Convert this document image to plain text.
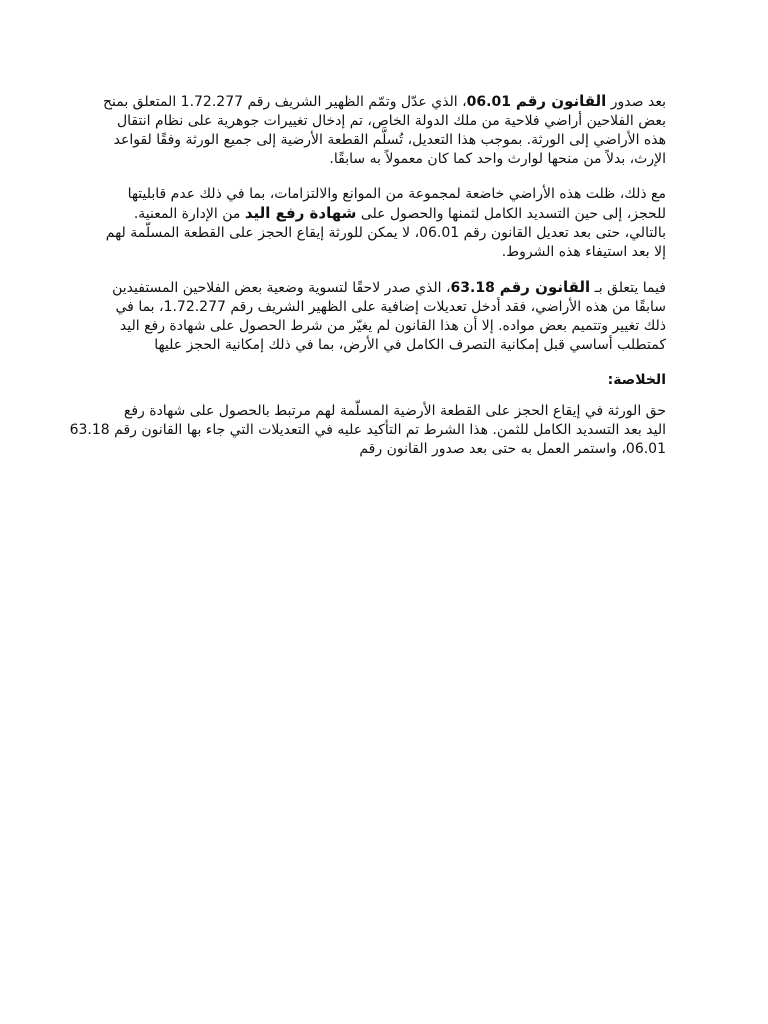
بعد صدور القانون رقم 06.01، الذي عدّل وتمّم الظهير الشريف رقم 1.72.277 المتعلق بمنح
بعض الفلاحين أراضي فلاحية من ملك الدولة الخاص، تم إدخال تغييرات جوهرية على نظام انتقال
هذه الأراضي إلى الورثة. بموجب هذا التعديل، تُسلَّم القطعة الأرضية إلى جميع الورثة وفقًا لقواعد
الإرث، بدلاً من منحها لوارث واحد كما كان معمولاً به سابقًا.

مع ذلك، ظلت هذه الأراضي خاضعة لمجموعة من الموانع والالتزامات، بما في ذلك عدم قابليتها
للحجز، إلى حين التسديد الكامل لثمنها والحصول على شهادة رفع اليد من الإدارة المعنية.
بالتالي، حتى بعد تعديل القانون رقم 06.01، لا يمكن للورثة إيقاع الحجز على القطعة المسلّمة لهم
إلا بعد استيفاء هذه الشروط.

فيما يتعلق بـ القانون رقم 63.18، الذي صدر لاحقًا لتسوية وضعية بعض الفلاحين المستفيدين
سابقًا من هذه الأراضي، فقد أدخل تعديلات إضافية على الظهير الشريف رقم 1.72.277، بما في
ذلك تغيير وتتميم بعض مواده. إلا أن هذا القانون لم يغيّر من شرط الحصول على شهادة رفع اليد
كمتطلب أساسي قبل إمكانية التصرف الكامل في الأرض، بما في ذلك إمكانية الحجز عليها

الخلاصة:

حق الورثة في إيقاع الحجز على القطعة الأرضية المسلّمة لهم مرتبط بالحصول على شهادة رفع
اليد بعد التسديد الكامل للثمن. هذا الشرط تم التأكيد عليه في التعديلات التي جاء بها القانون رقم 63.18
06.01، واستمر العمل به حتى بعد صدور القانون رقم
